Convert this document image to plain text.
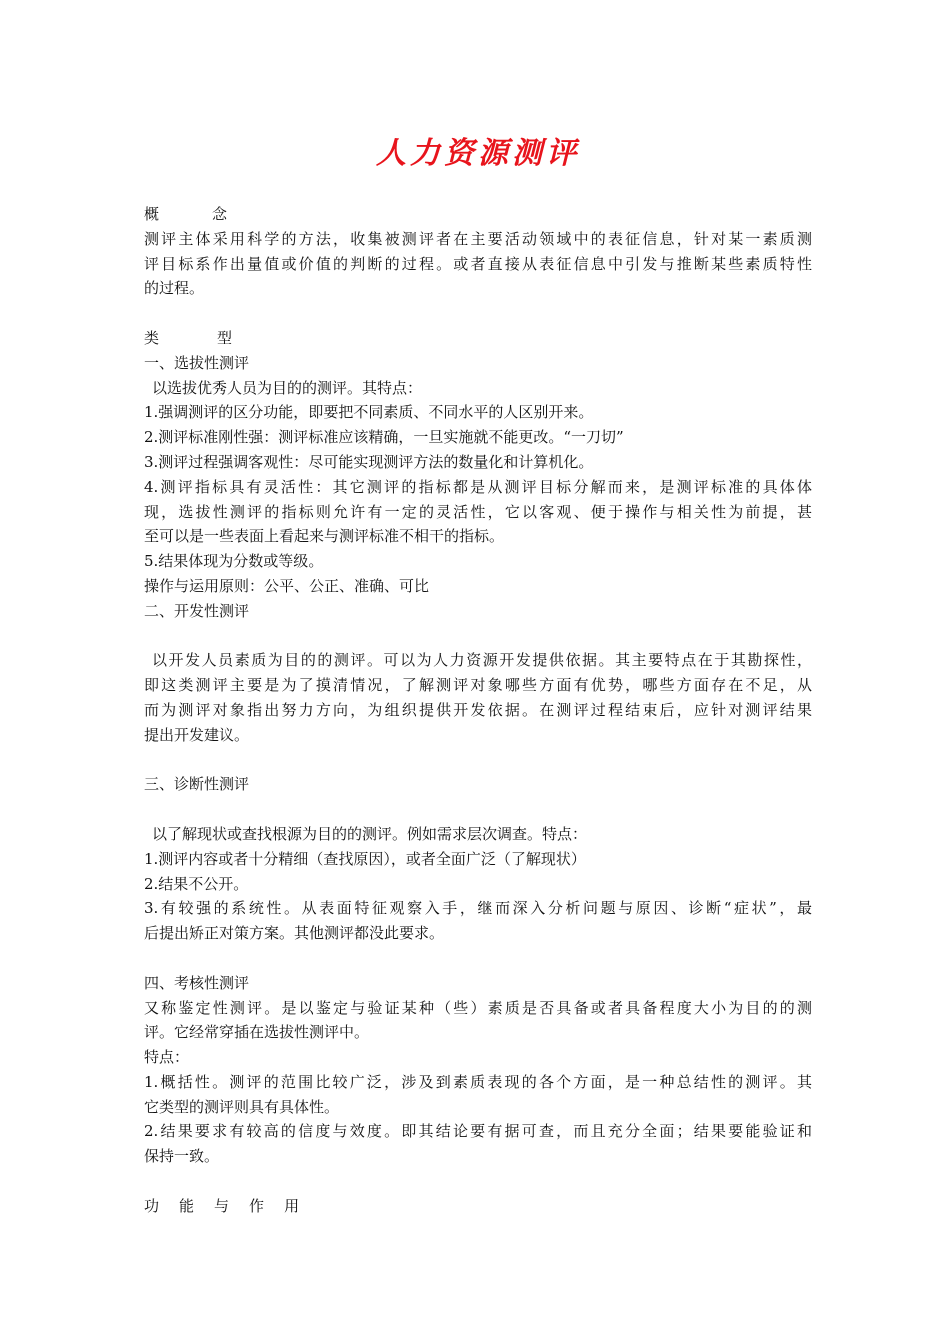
人力资源测评
概	念
测评主体采用科学的方法，收集被测评者在主要活动领域中的表征信息，针对某一素质测
评目标系作出量值或价值的判断的过程。或者直接从表征信息中引发与推断某些素质特性
的过程。
类	型
一、选拔性测评
以选拔优秀人员为目的的测评。其特点：
1.强调测评的区分功能，即要把不同素质、不同水平的人区别开来。
2.测评标准刚性强：测评标准应该精确，一旦实施就不能更改。“一刀切”
3.测评过程强调客观性：尽可能实现测评方法的数量化和计算机化。
4.测评指标具有灵活性：其它测评的指标都是从测评目标分解而来，是测评标准的具体体
现，选拔性测评的指标则允许有一定的灵活性，它以客观、便于操作与相关性为前提，甚
至可以是一些表面上看起来与测评标准不相干的指标。
5.结果体现为分数或等级。
操作与运用原则：公平、公正、准确、可比
二、开发性测评
以开发人员素质为目的的测评。可以为人力资源开发提供依据。其主要特点在于其勘探性，
即这类测评主要是为了摸清情况，了解测评对象哪些方面有优势，哪些方面存在不足，从
而为测评对象指出努力方向，为组织提供开发依据。在测评过程结束后，应针对测评结果
提出开发建议。
三、诊断性测评
以了解现状或查找根源为目的的测评。例如需求层次调查。特点：
1.测评内容或者十分精细（查找原因），或者全面广泛（了解现状）
2.结果不公开。
3.有较强的系统性。从表面特征观察入手，继而深入分析问题与原因、诊断“症状”，最
后提出矫正对策方案。其他测评都没此要求。
四、考核性测评
又称鉴定性测评。是以鉴定与验证某种（些）素质是否具备或者具备程度大小为目的的测
评。它经常穿插在选拔性测评中。
特点：
1.概括性。测评的范围比较广泛，涉及到素质表现的各个方面，是一种总结性的测评。其
它类型的测评则具有具体性。
2.结果要求有较高的信度与效度。即其结论要有据可查，而且充分全面；结果要能验证和
保持一致。
功 能 与 作 用
